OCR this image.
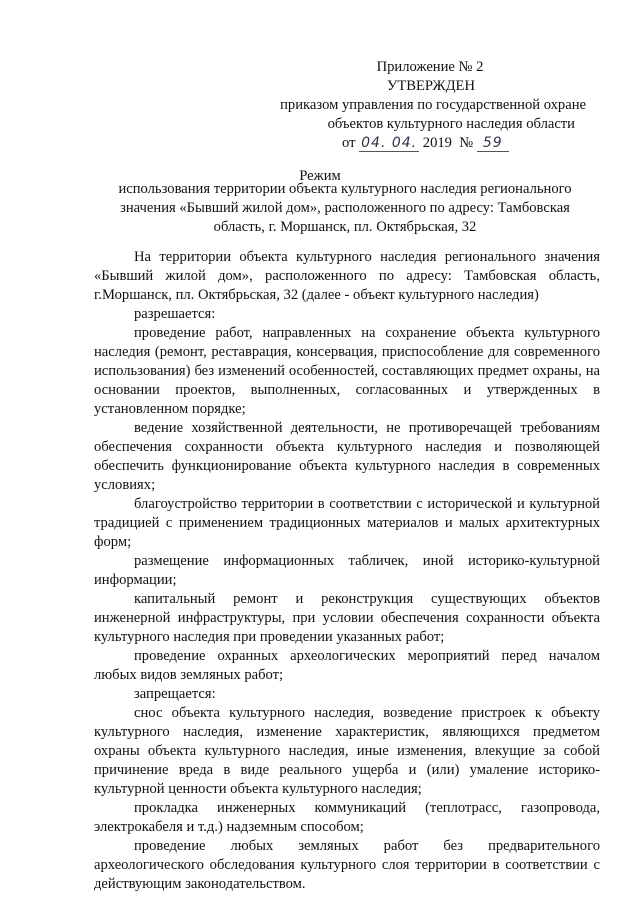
Приложение № 2
УТВЕРЖДЕН
приказом управления по государственной охране
объектов культурного наследия области
от 04. 04. 2019 № 59
Режим
использования территории объекта культурного наследия регионального
значения «Бывший жилой дом», расположенного по адресу: Тамбовская
область, г. Моршанск, пл. Октябрьская, 32

На территории объекта культурного наследия регионального значения «Бывший жилой дом», расположенного по адресу: Тамбовская область, г.Моршанск, пл. Октябрьская, 32 (далее - объект культурного наследия)

разрешается:

проведение работ, направленных на сохранение объекта культурного наследия (ремонт, реставрация, консервация, приспособление для современного использования) без изменений особенностей, составляющих предмет охраны, на основании проектов, выполненных, согласованных и утвержденных в установленном порядке;

ведение хозяйственной деятельности, не противоречащей требованиям обеспечения сохранности объекта культурного наследия и позволяющей обеспечить функционирование объекта культурного наследия в современных условиях;

благоустройство территории в соответствии с исторической и культурной традицией с применением традиционных материалов и малых архитектурных форм;

размещение информационных табличек, иной историко-культурной информации;

капитальный ремонт и реконструкция существующих объектов инженерной инфраструктуры, при условии обеспечения сохранности объекта культурного наследия при проведении указанных работ;

проведение охранных археологических мероприятий перед началом любых видов земляных работ;

запрещается:

снос объекта культурного наследия, возведение пристроек к объекту культурного наследия, изменение характеристик, являющихся предметом охраны объекта культурного наследия, иные изменения, влекущие за собой причинение вреда в виде реального ущерба и (или) умаление историко-культурной ценности объекта культурного наследия;

прокладка инженерных коммуникаций (теплотрасс, газопровода, электрокабеля и т.д.) надземным способом;

проведение любых земляных работ без предварительного археологического обследования культурного слоя территории в соответствии с действующим законодательством.
